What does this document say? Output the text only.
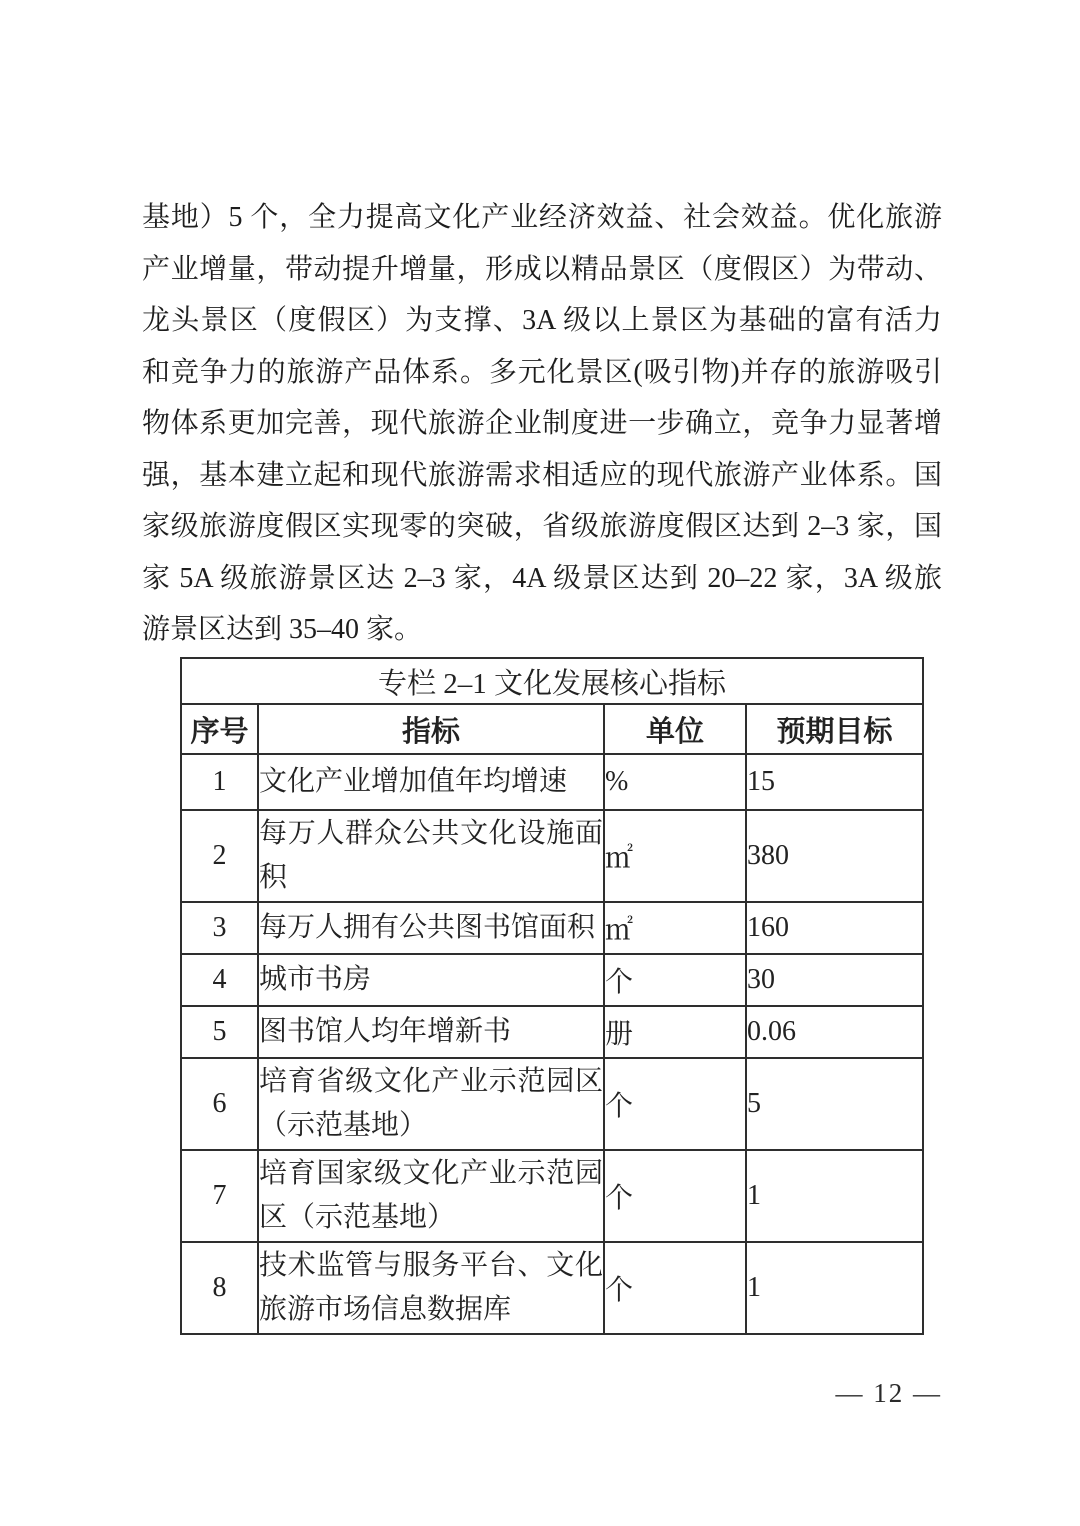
基地）5 个，全力提高文化产业经济效益、社会效益。优化旅游
产业增量，带动提升增量，形成以精品景区（度假区）为带动、
龙头景区（度假区）为支撑、3A 级以上景区为基础的富有活力
和竞争力的旅游产品体系。多元化景区(吸引物)并存的旅游吸引
物体系更加完善，现代旅游企业制度进一步确立，竞争力显著增
强，基本建立起和现代旅游需求相适应的现代旅游产业体系。国
家级旅游度假区实现零的突破，省级旅游度假区达到 2–3 家，国
家 5A 级旅游景区达 2–3 家，4A 级景区达到 20–22 家，3A 级旅
游景区达到 35–40 家。
专栏 2–1 文化发展核心指标			
序号	指标	单位	预期目标
1	文化产业增加值年均增速	%	15
2	每万人群众公共文化设施面积	㎡	380
3	每万人拥有公共图书馆面积	㎡	160
4	城市书房	个	30
5	图书馆人均年增新书	册	0.06
6	培育省级文化产业示范园区（示范基地）	个	5
7	培育国家级文化产业示范园区（示范基地）	个	1
8	技术监管与服务平台、文化旅游市场信息数据库	个	1
— 12 —
